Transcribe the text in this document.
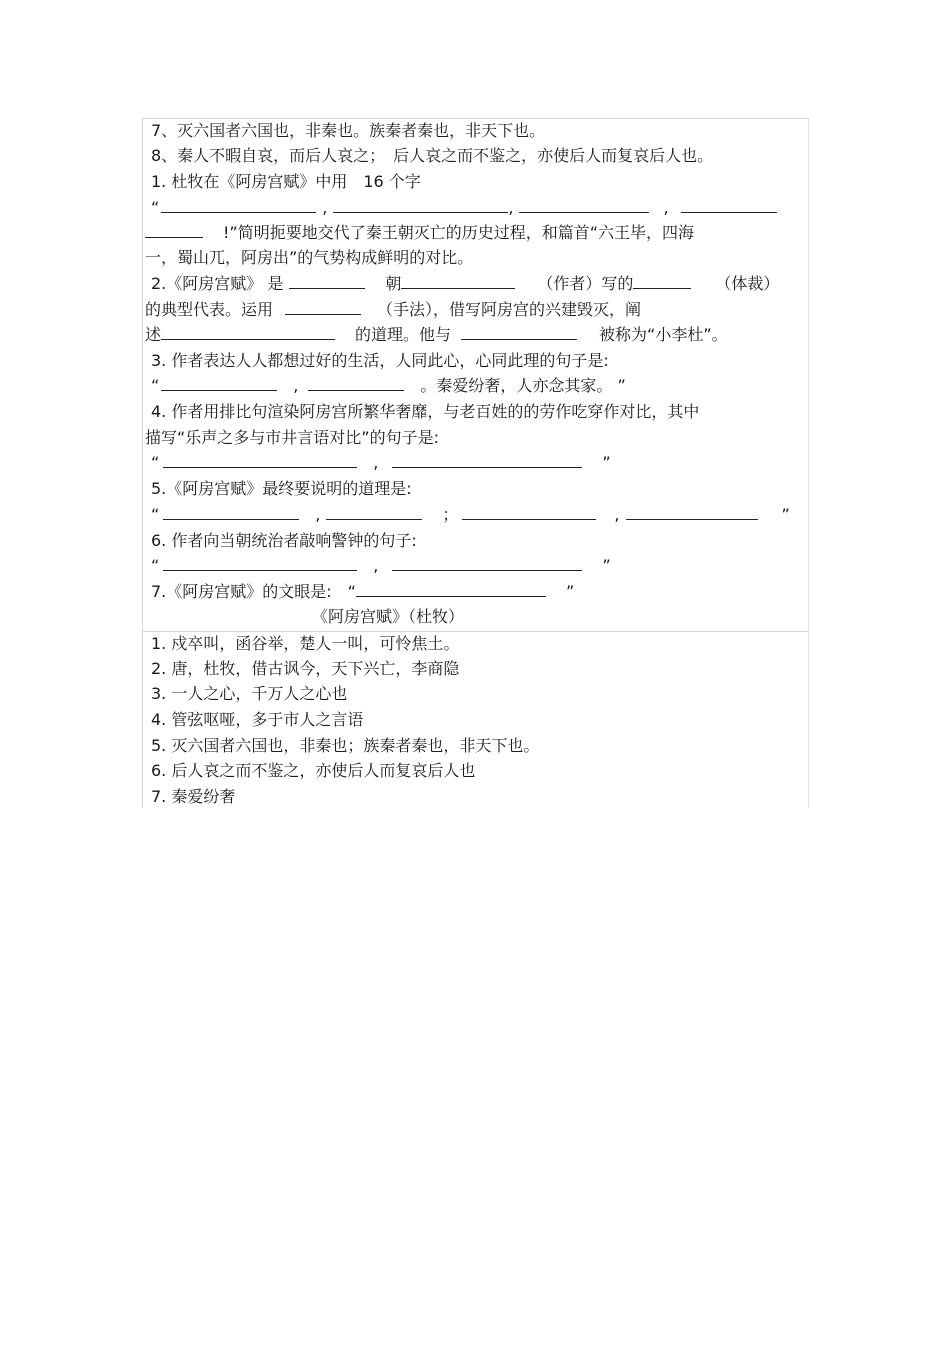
7、灭六国者六国也，非秦也。族秦者秦也，非天下也。
8、秦人不暇自哀，而后人哀之；　后人哀之而不鉴之，亦使后人而复哀后人也。
1. 杜牧在《阿房宫赋》中用　16 个字
“	,	,	,
!”简明扼要地交代了秦王朝灭亡的历史过程，和篇首“六王毕，四海
一，蜀山兀，阿房出”的气势构成鲜明的对比。
2.《阿房宫赋》 是	朝	（作者）写的	（体裁）
的典型代表。运用	（手法），借写阿房宫的兴建毁灭，阐
述	的道理。他与	被称为“小李杜”。
3. 作者表达人人都想过好的生活，人同此心，心同此理的句子是:
“	,	。秦爱纷奢，人亦念其家。 ”
4. 作者用排比句渲染阿房宫所繁华奢靡，与老百姓的的劳作吃穿作对比，其中
描写“乐声之多与市井言语对比”的句子是:
“	,	”
5.《阿房宫赋》最终要说明的道理是:
“	,	；	,	”
6. 作者向当朝统治者敲响警钟的句子:
“	,	”
7.《阿房宫赋》的文眼是:　“	”
《阿房宫赋》（杜牧）
1. 戍卒叫，函谷举，楚人一叫，可怜焦土。
2. 唐，杜牧，借古讽今，天下兴亡，李商隐
3. 一人之心，千万人之心也
4. 管弦呕哑，多于市人之言语
5. 灭六国者六国也，非秦也；族秦者秦也，非天下也。
6. 后人哀之而不鉴之，亦使后人而复哀后人也
7. 秦爱纷奢
